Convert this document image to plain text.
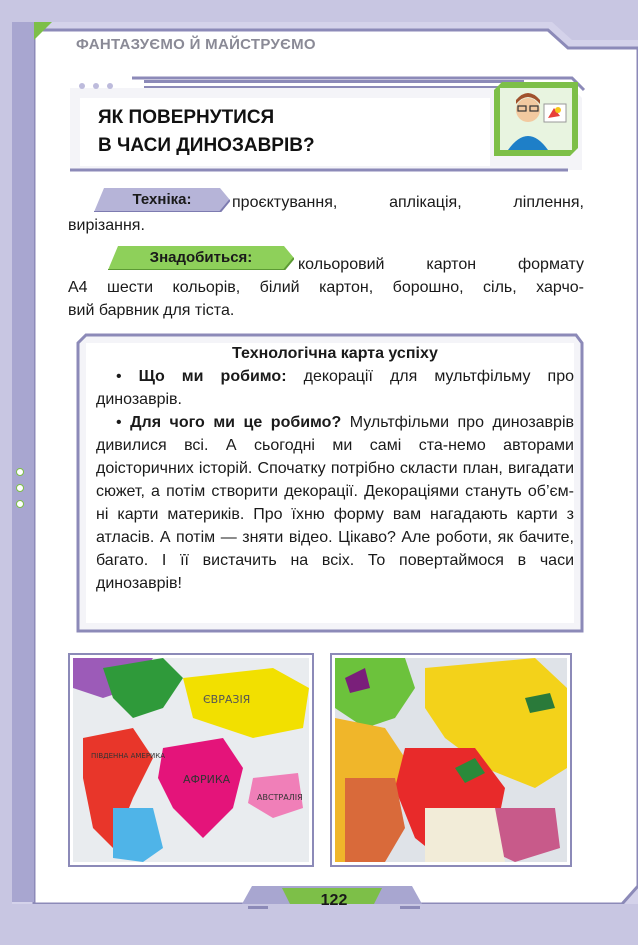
ФАНТАЗУЄМО Й МАЙСТРУЄМО
ЯК ПОВЕРНУТИСЯ
В ЧАСИ ДИНОЗАВРІВ?
Техніка:	проєктування, аплікація, ліплення,
вирізання.
Знадобиться:	кольоровий картон формату
А4 шести кольорів, білий картон, борошно, сіль, харчо-
вий барвник для тіста.
Технологічна карта успіху
• Що ми робимо: декорації для мультфільму про динозаврів.
• Для чого ми це робимо? Мультфільми про динозаврів дивилися всі. А сьогодні ми самі ста-немо авторами доісторичних історій. Спочатку потрібно скласти план, вигадати сюжет, а потім створити декорації. Декораціями стануть об’єм-ні карти материків. Про їхню форму вам нагадають карти з атласів. А потім — зняти відео. Цікаво? Але роботи, як бачите, багато. І її вистачить на всіх. То повертаймося в часи динозаврів!
ЄВРАЗІЯ
ПІВДЕННА АМЕРИКА
АФРИКА
АВСТРАЛІЯ
122
